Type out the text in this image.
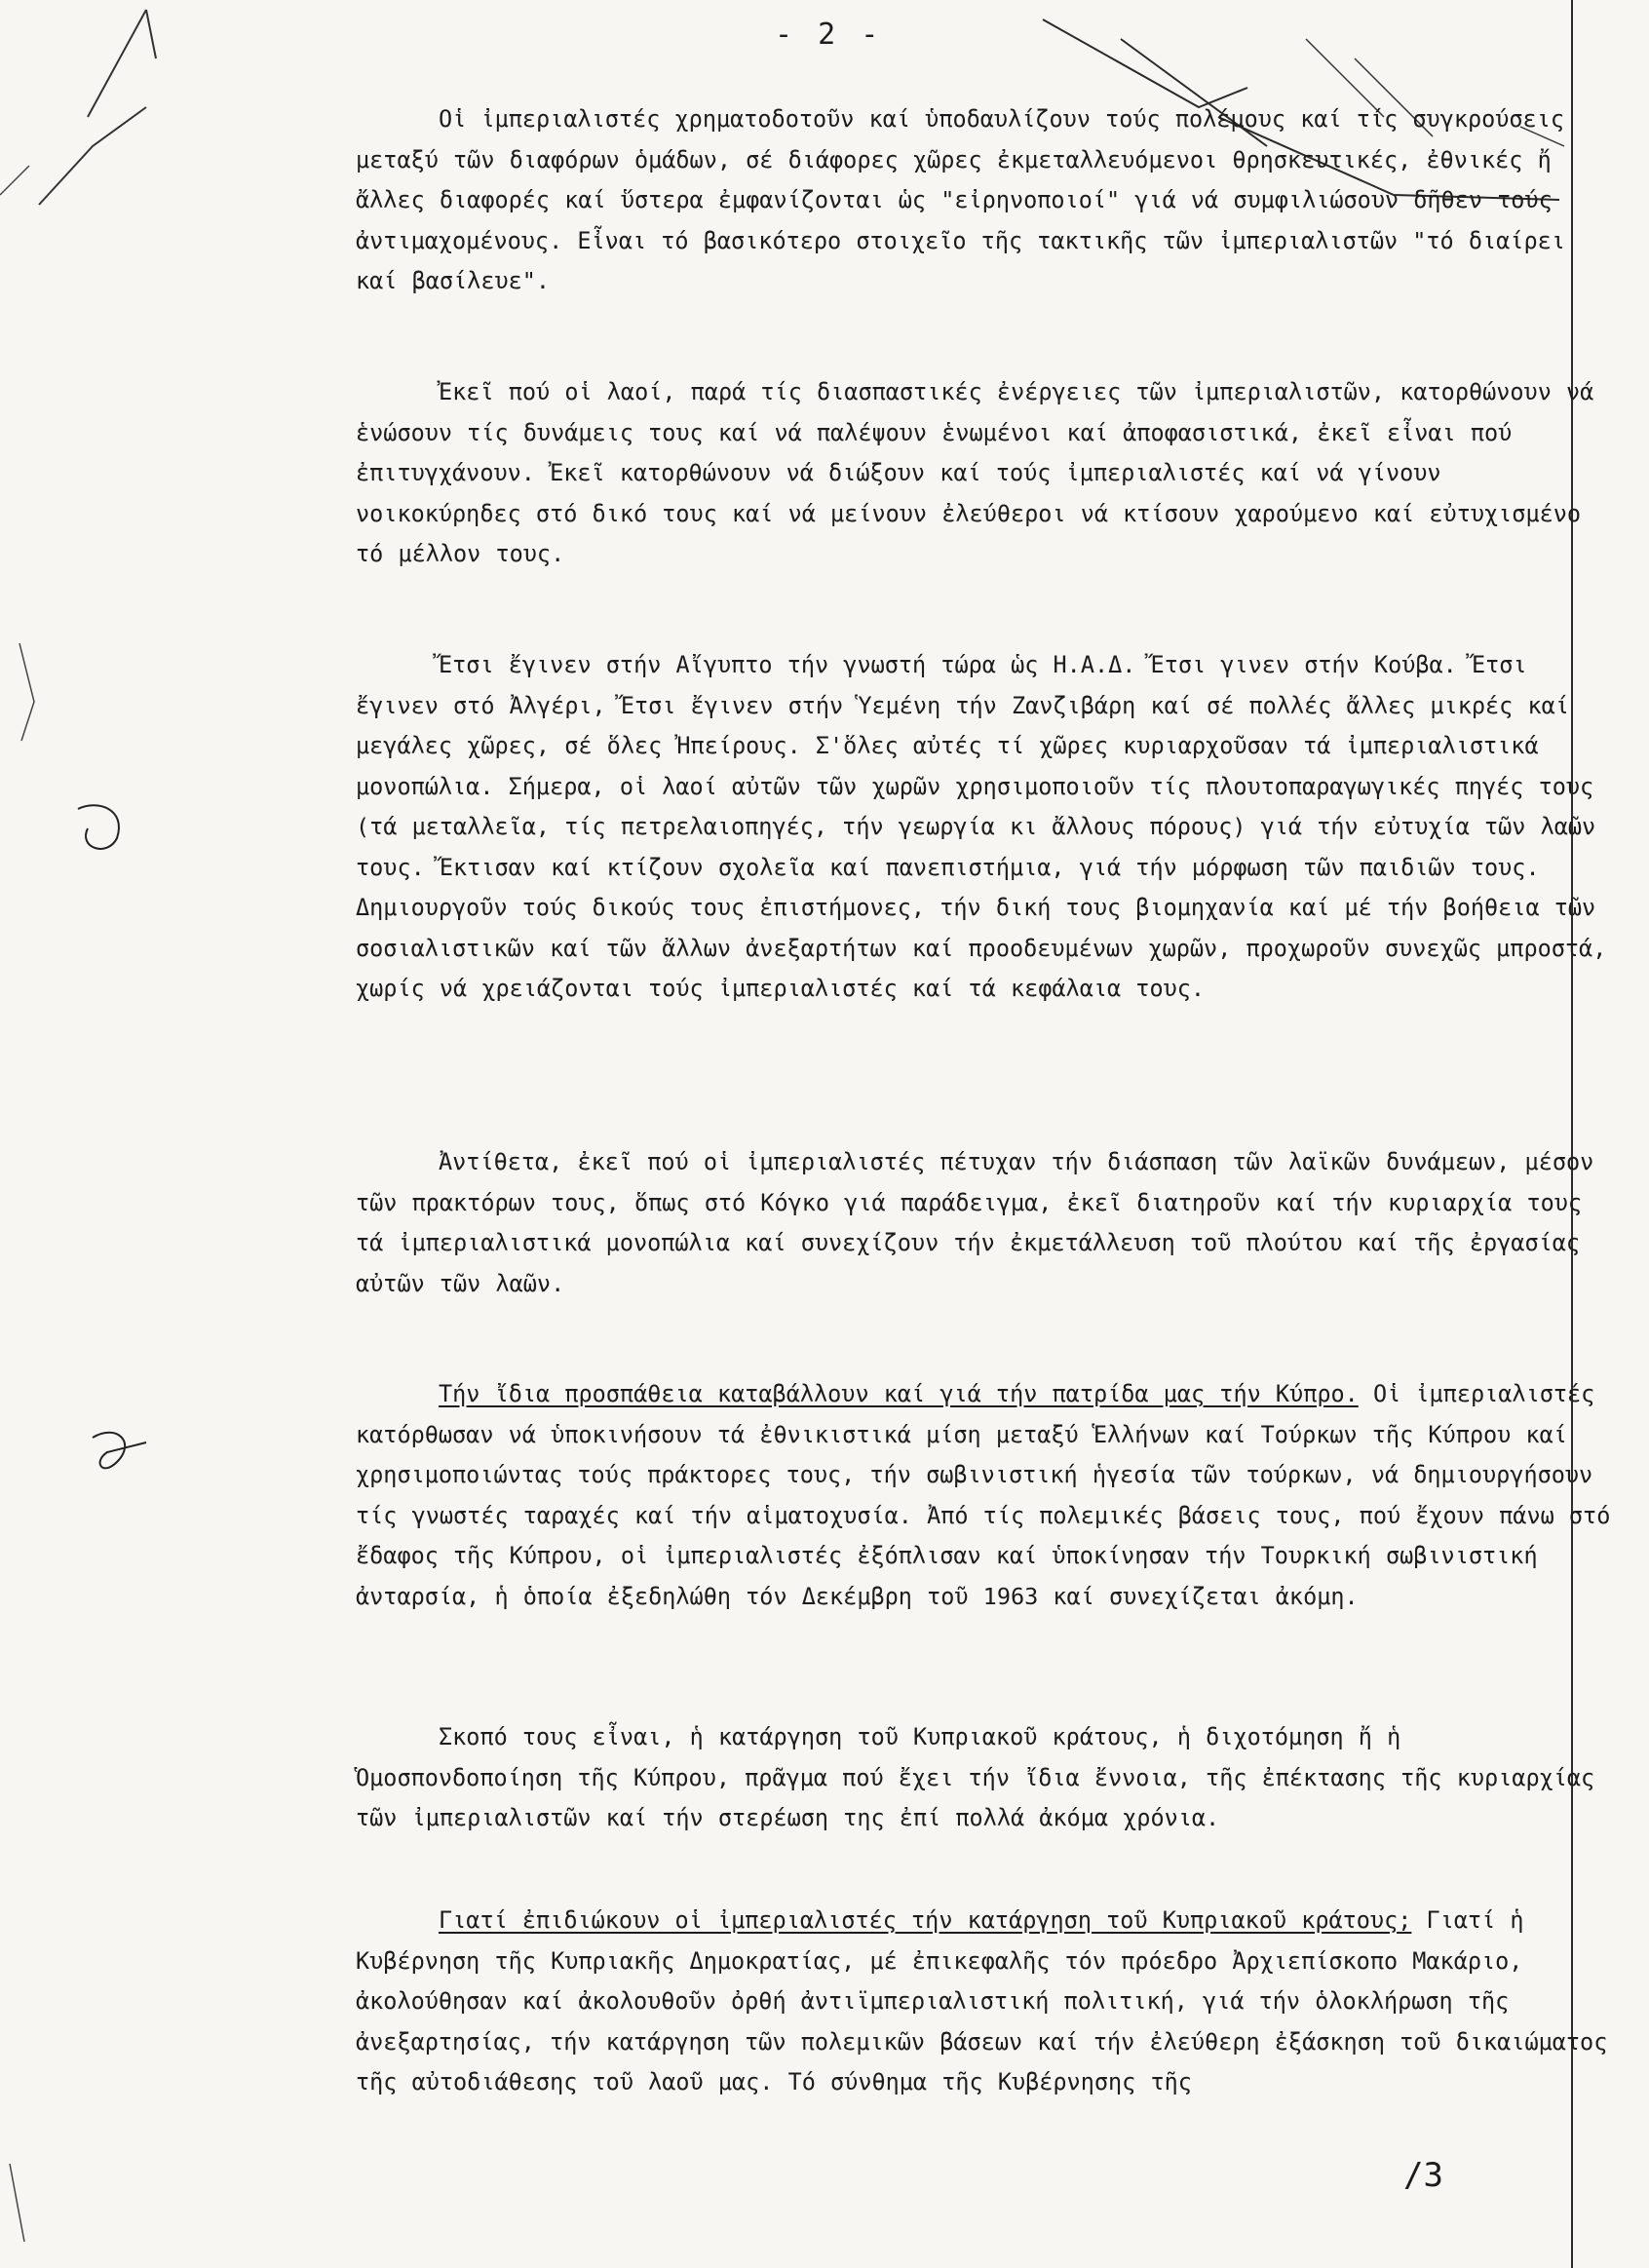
- 2 -

Οἱ ἰμπεριαλιστές χρηματοδοτοῦν καί ὑποδαυλίζουν τούς πολέμους καί τίς συγκρούσεις μεταξύ τῶν διαφόρων ὁμάδων, σέ διάφορες χῶρες ἐκμεταλλευόμενοι θρησκευτικές, ἐθνικές ἤ ἄλλες διαφορές καί ὕστερα ἐμφανίζονται ὡς "εἰρηνοποιοί" γιά νά συμφιλιώσουν δῆθεν τούς ἀντιμαχομένους. Εἶναι τό βασικότερο στοιχεῖο τῆς τακτικῆς τῶν ἰμπεριαλιστῶν "τό διαίρει καί βασίλευε".

Ἐκεῖ πού οἱ λαοί, παρά τίς διασπαστικές ἐνέργειες τῶν ἰμπεριαλιστῶν, κατορθώνουν νά ἑνώσουν τίς δυνάμεις τους καί νά παλέψουν ἑνωμένοι καί ἀποφασιστικά, ἐκεῖ εἶναι πού ἐπιτυγχάνουν. Ἐκεῖ κατορθώνουν νά διώξουν καί τούς ἰμπεριαλιστές καί νά γίνουν νοικοκύρηδες στό δικό τους καί νά μείνουν ἐλεύθεροι νά κτίσουν χαρούμενο καί εὐτυχισμένο τό μέλλον τους.

Ἔτσι ἔγινεν στήν Αἴγυπτο τήν γνωστή τώρα ὡς Η.Α.Δ. Ἔτσι γινεν στήν Κούβα. Ἔτσι ἔγινεν στό Ἀλγέρι, Ἔτσι ἔγινεν στήν Ὑεμένη τήν Ζανζιβάρη καί σέ πολλές ἄλλες μικρές καί μεγάλες χῶρες, σέ ὅλες Ἠπείρους. Σ'ὅλες αὐτές τί χῶρες κυριαρχοῦσαν τά ἰμπεριαλιστικά μονοπώλια. Σήμερα, οἱ λαοί αὐτῶν τῶν χωρῶν χρησιμοποιοῦν τίς πλουτοπαραγωγικές πηγές τους (τά μεταλλεῖα, τίς πετρελαιοπηγές, τήν γεωργία κι ἄλλους πόρους) γιά τήν εὐτυχία τῶν λαῶν τους. Ἔκτισαν καί κτίζουν σχολεῖα καί πανεπιστήμια, γιά τήν μόρφωση τῶν παιδιῶν τους. Δημιουργοῦν τούς δικούς τους ἐπιστήμονες, τήν δική τους βιομηχανία καί μέ τήν βοήθεια τῶν σοσιαλιστικῶν καί τῶν ἄλλων ἀνεξαρτήτων καί προοδευμένων χωρῶν, προχωροῦν συνεχῶς μπροστά, χωρίς νά χρειάζονται τούς ἰμπεριαλιστές καί τά κεφάλαια τους.

Ἀντίθετα, ἐκεῖ πού οἱ ἰμπεριαλιστές πέτυχαν τήν διάσπαση τῶν λαϊκῶν δυνάμεων, μέσον τῶν πρακτόρων τους, ὅπως στό Κόγκο γιά παράδειγμα, ἐκεῖ διατηροῦν καί τήν κυριαρχία τους τά ἰμπεριαλιστικά μονοπώλια καί συνεχίζουν τήν ἐκμετάλλευση τοῦ πλούτου καί τῆς ἐργασίας αὐτῶν τῶν λαῶν.

Τήν ἴδια προσπάθεια καταβάλλουν καί γιά τήν πατρίδα μας τήν Κύπρο. Οἱ ἰμπεριαλιστές κατόρθωσαν νά ὑποκινήσουν τά ἐθνικιστικά μίση μεταξύ Ἑλλήνων καί Τούρκων τῆς Κύπρου καί χρησιμοποιώντας τούς πράκτορες τους, τήν σωβινιστική ἡγεσία τῶν τούρκων, νά δημιουργήσουν τίς γνωστές ταραχές καί τήν αἱματοχυσία. Ἀπό τίς πολεμικές βάσεις τους, πού ἔχουν πάνω στό ἔδαφος τῆς Κύπρου, οἱ ἰμπεριαλιστές ἐξόπλισαν καί ὑποκίνησαν τήν Τουρκική σωβινιστική ἀνταρσία, ἡ ὁποία ἐξεδηλώθη τόν Δεκέμβρη τοῦ 1963 καί συνεχίζεται ἀκόμη.

Σκοπό τους εἶναι, ἡ κατάργηση τοῦ Κυπριακοῦ κράτους, ἡ διχοτόμηση ἤ ἡ Ὁμοσπονδοποίηση τῆς Κύπρου, πρᾶγμα πού ἔχει τήν ἴδια ἔννοια, τῆς ἐπέκτασης τῆς κυριαρχίας τῶν ἰμπεριαλιστῶν καί τήν στερέωση της ἐπί πολλά ἀκόμα χρόνια.

Γιατί ἐπιδιώκουν οἱ ἰμπεριαλιστές τήν κατάργηση τοῦ Κυπριακοῦ κράτους; Γιατί ἡ Κυβέρνηση τῆς Κυπριακῆς Δημοκρατίας, μέ ἐπικεφαλῆς τόν πρόεδρο Ἀρχιεπίσκοπο Μακάριο, ἀκολούθησαν καί ἀκολουθοῦν ὀρθή ἀντιϊμπεριαλιστική πολιτική, γιά τήν ὁλοκλήρωση τῆς ἀνεξαρτησίας, τήν κατάργηση τῶν πολεμικῶν βάσεων καί τήν ἐλεύθερη ἐξάσκηση τοῦ δικαιώματος τῆς αὐτοδιάθεσης τοῦ λαοῦ μας. Τό σύνθημα τῆς Κυβέρνησης τῆς

/3
